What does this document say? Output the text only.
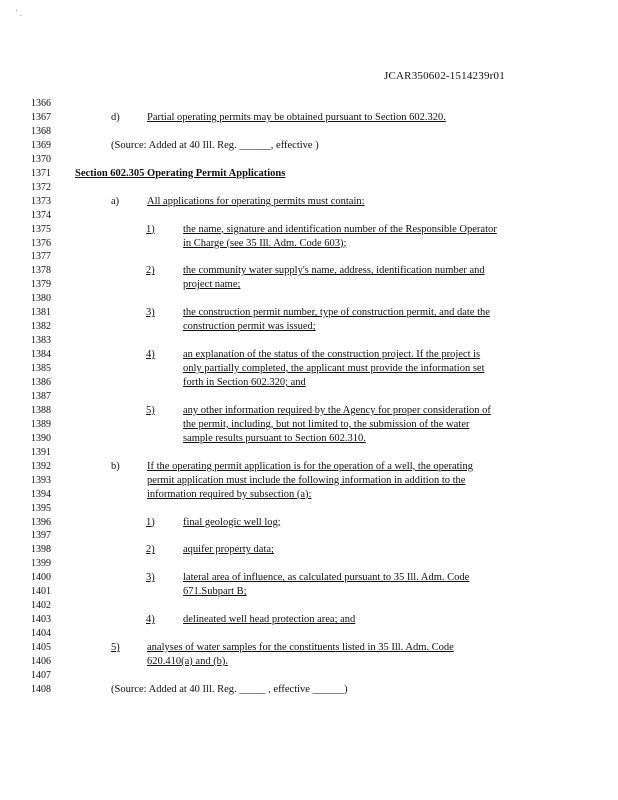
' .
JCAR350602-1514239r01
1366
1367	d)	Partial operating permits may be obtained pursuant to Section 602.320.
1368
1369	(Source: Added at 40 Ill. Reg. ______, effective )
1370
1371	Section 602.305 Operating Permit Applications
1372
1373	a)	All applications for operating permits must contain:
1374
1375	1)	the name, signature and identification number of the Responsible Operator
1376	in Charge (see 35 Ill. Adm. Code 603);
1377
1378	2)	the community water supply's name, address, identification number and
1379	project name;
1380
1381	3)	the construction permit number, type of construction permit, and date the
1382	construction permit was issued;
1383
1384	4)	an explanation of the status of the construction project. If the project is
1385	only partially completed, the applicant must provide the information set
1386	forth in Section 602.320; and
1387
1388	5)	any other information required by the Agency for proper consideration of
1389	the permit, including, but not limited to, the submission of the water
1390	sample results pursuant to Section 602.310.
1391
1392	b)	If the operating permit application is for the operation of a well, the operating
1393	permit application must include the following information in addition to the
1394	information required by subsection (a):
1395
1396	1)	final geologic well log;
1397
1398	2)	aquifer property data;
1399
1400	3)	lateral area of influence, as calculated pursuant to 35 Ill. Adm. Code
1401	671.Subpart B;
1402
1403	4)	delineated well head protection area; and
1404
1405	5)	analyses of water samples for the constituents listed in 35 Ill. Adm. Code
1406	620.410(a) and (b).
1407
1408	(Source: Added at 40 Ill. Reg. _____ , effective ______)
